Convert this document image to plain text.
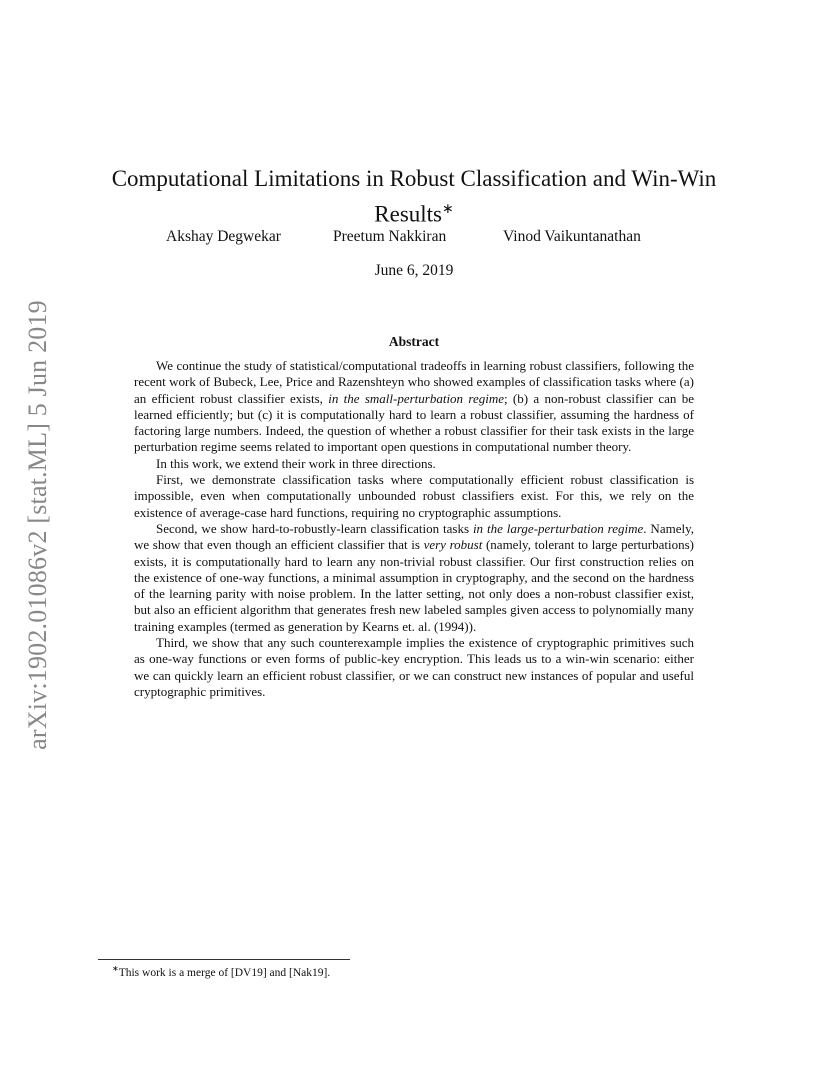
arXiv:1902.01086v2 [stat.ML] 5 Jun 2019
Computational Limitations in Robust Classification and Win-Win
Results∗
Akshay Degwekar	Preetum Nakkiran	Vinod Vaikuntanathan
June 6, 2019
Abstract

We continue the study of statistical/computational tradeoffs in learning robust classifiers, following the recent work of Bubeck, Lee, Price and Razenshteyn who showed examples of classification tasks where (a) an efficient robust classifier exists, in the small-perturbation regime; (b) a non-robust classifier can be learned efficiently; but (c) it is computationally hard to learn a robust classifier, assuming the hardness of factoring large numbers. Indeed, the question of whether a robust classifier for their task exists in the large perturbation regime seems related to important open questions in computational number theory.

In this work, we extend their work in three directions.

First, we demonstrate classification tasks where computationally efficient robust classification is impossible, even when computationally unbounded robust classifiers exist. For this, we rely on the existence of average-case hard functions, requiring no cryptographic assumptions.

Second, we show hard-to-robustly-learn classification tasks in the large-perturbation regime. Namely, we show that even though an efficient classifier that is very robust (namely, tolerant to large perturbations) exists, it is computationally hard to learn any non-trivial robust classifier. Our first construction relies on the existence of one-way functions, a minimal assumption in cryptography, and the second on the hardness of the learning parity with noise problem. In the latter setting, not only does a non-robust classifier exist, but also an efficient algorithm that generates fresh new labeled samples given access to polynomially many training examples (termed as generation by Kearns et. al. (1994)).

Third, we show that any such counterexample implies the existence of cryptographic primitives such as one-way functions or even forms of public-key encryption. This leads us to a win-win scenario: either we can quickly learn an efficient robust classifier, or we can construct new instances of popular and useful cryptographic primitives.

∗This work is a merge of [DV19] and [Nak19].
